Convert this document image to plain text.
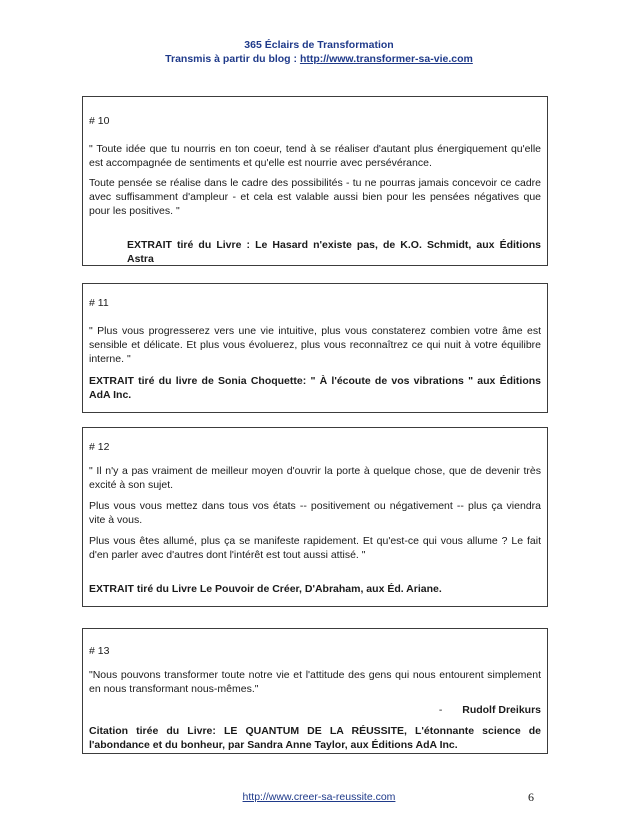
365 Éclairs de Transformation
Transmis à partir du blog : http://www.transformer-sa-vie.com

# 10

" Toute idée que tu nourris en ton coeur, tend à se réaliser d'autant plus énergiquement qu'elle est accompagnée de sentiments et qu'elle est nourrie avec persévérance.

Toute pensée se réalise dans le cadre des possibilités - tu ne pourras jamais concevoir ce cadre avec suffisamment d'ampleur - et cela est valable aussi bien pour les pensées négatives que pour les positives. "

EXTRAIT tiré du Livre : Le Hasard n'existe pas, de K.O. Schmidt, aux Éditions Astra

# 11

" Plus vous progresserez vers une vie intuitive, plus vous constaterez combien votre âme est sensible et délicate. Et plus vous évoluerez, plus vous reconnaîtrez ce qui nuit à votre équilibre interne. "

EXTRAIT tiré du livre de Sonia Choquette: " À l'écoute de vos vibrations " aux Éditions AdA Inc.

# 12

" Il n'y a pas vraiment de meilleur moyen d'ouvrir la porte à quelque chose, que de devenir très excité à son sujet.

Plus vous vous mettez dans tous vos états -- positivement ou négativement -- plus ça viendra vite à vous.

Plus vous êtes allumé, plus ça se manifeste rapidement. Et qu'est-ce qui vous allume ? Le fait d'en parler avec d'autres dont l'intérêt est tout aussi attisé. "

EXTRAIT tiré du Livre Le Pouvoir de Créer, D'Abraham, aux Éd. Ariane.

# 13

"Nous pouvons transformer toute notre vie et l'attitude des gens qui nous entourent simplement en nous transformant nous-mêmes."

- Rudolf Dreikurs

Citation tirée du Livre: LE QUANTUM DE LA RÉUSSITE, L'étonnante science de l'abondance et du bonheur, par Sandra Anne Taylor, aux Éditions AdA Inc.

http://www.creer-sa-reussite.com	6
